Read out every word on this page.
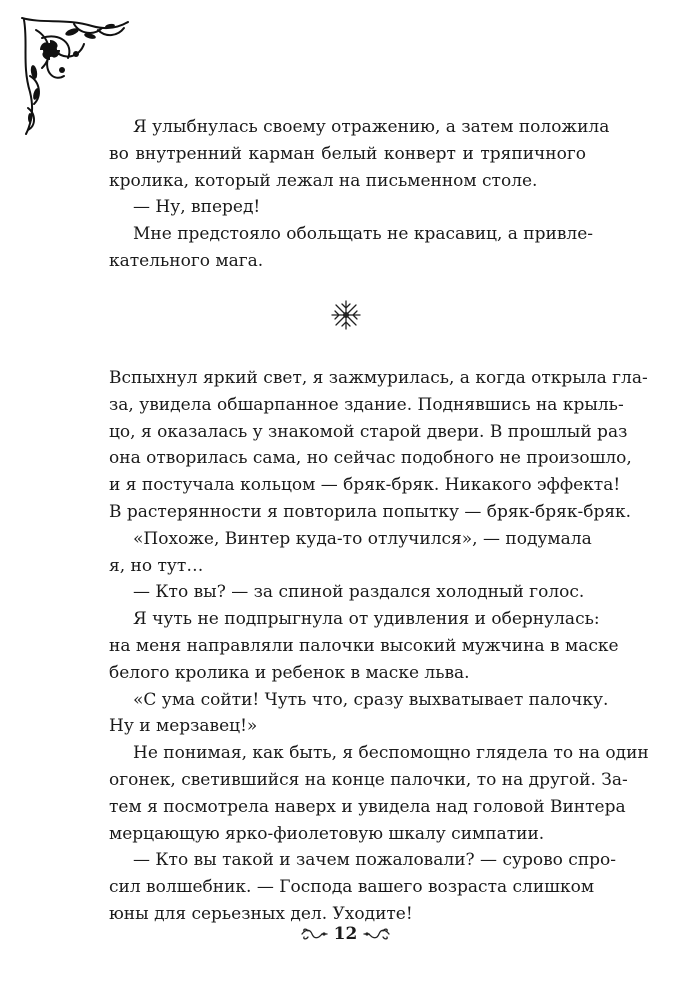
Я улыбнулась своему отражению, а затем положила
во внутренний карман белый конверт и тряпичного
кролика, который лежал на письменном столе.

— Ну, вперед!

Мне предстояло обольщать не красавиц, а привле-
кательного мага.

Вспыхнул яркий свет, я зажмурилась, а когда открыла гла-
за, увидела обшарпанное здание. Поднявшись на крыль-
цо, я оказалась у знакомой старой двери. В прошлый раз
она отворилась сама, но сейчас подобного не произошло,
и я постучала кольцом — бряк-бряк. Никакого эффекта!
В растерянности я повторила попытку — бряк-бряк-бряк.

«Похоже, Винтер куда-то отлучился», — подумала
я, но тут…

— Кто вы? — за спиной раздался холодный голос.

Я чуть не подпрыгнула от удивления и обернулась:
на меня направляли палочки высокий мужчина в маске
белого кролика и ребенок в маске льва.

«С ума сойти! Чуть что, сразу выхватывает палочку.
Ну и мерзавец!»

Не понимая, как быть, я беспомощно глядела то на один
огонек, светившийся на конце палочки, то на другой. За-
тем я посмотрела наверх и увидела над головой Винтера
мерцающую ярко-фиолетовую шкалу симпатии.

— Кто вы такой и зачем пожаловали? — сурово спро-
сил волшебник. — Господа вашего возраста слишком
юны для серьезных дел. Уходите!

12
